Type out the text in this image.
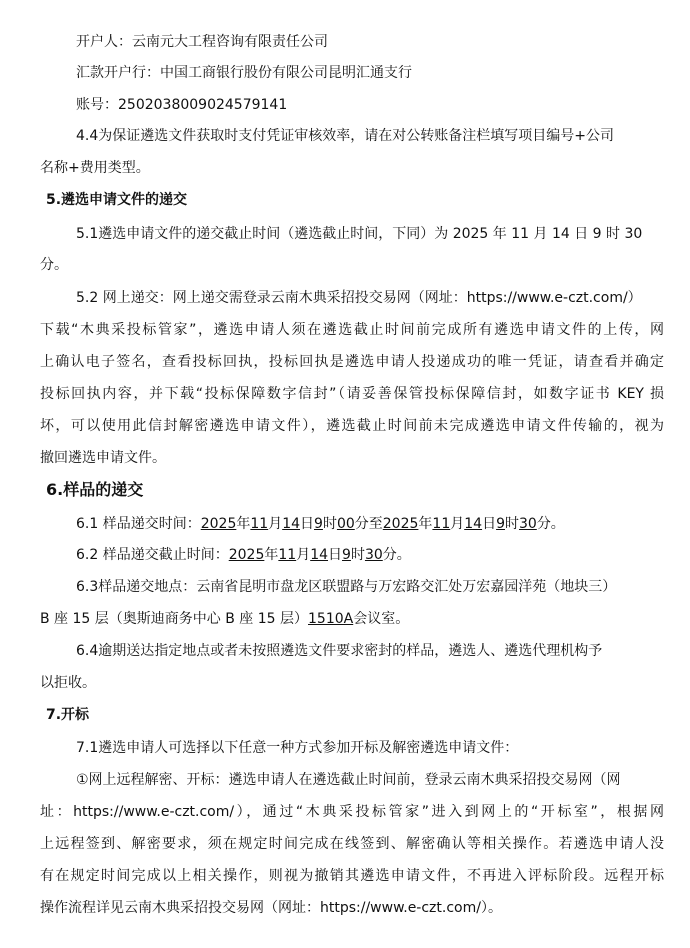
开户人：云南元大工程咨询有限责任公司
汇款开户行：中国工商银行股份有限公司昆明汇通支行
账号：2502038009024579141
4.4为保证遴选文件获取时支付凭证审核效率，请在对公转账备注栏填写项目编号+公司
名称+费用类型。
5.遴选申请文件的递交
5.1遴选申请文件的递交截止时间（遴选截止时间，下同）为 2025 年 11 月 14 日 9 时 30
分。
5.2 网上递交：网上递交需登录云南木典采招投交易网（网址：https://www.e-czt.com/）
下载“木典采投标管家”，遴选申请人须在遴选截止时间前完成所有遴选申请文件的上传，网
上确认电子签名，查看投标回执，投标回执是遴选申请人投递成功的唯一凭证，请查看并确定
投标回执内容，并下载“投标保障数字信封”（请妥善保管投标保障信封，如数字证书 KEY 损
坏，可以使用此信封解密遴选申请文件），遴选截止时间前未完成遴选申请文件传输的，视为
撤回遴选申请文件。
6.样品的递交
6.1 样品递交时间：2025年11月14日9时00分至2025年11月14日9时30分。
6.2 样品递交截止时间：2025年11月14日9时30分。
6.3样品递交地点：云南省昆明市盘龙区联盟路与万宏路交汇处万宏嘉园洋苑（地块三）
B 座 15 层（奥斯迪商务中心 B 座 15 层）1510A会议室。
6.4逾期送达指定地点或者未按照遴选文件要求密封的样品，遴选人、遴选代理机构予
以拒收。
7.开标
7.1遴选申请人可选择以下任意一种方式参加开标及解密遴选申请文件：
①网上远程解密、开标：遴选申请人在遴选截止时间前，登录云南木典采招投交易网（网
址：https://www.e-czt.com/），通过“木典采投标管家”进入到网上的“开标室”，根据网
上远程签到、解密要求，须在规定时间完成在线签到、解密确认等相关操作。若遴选申请人没
有在规定时间完成以上相关操作，则视为撤销其遴选申请文件，不再进入评标阶段。远程开标
操作流程详见云南木典采招投交易网（网址：https://www.e-czt.com/）。
